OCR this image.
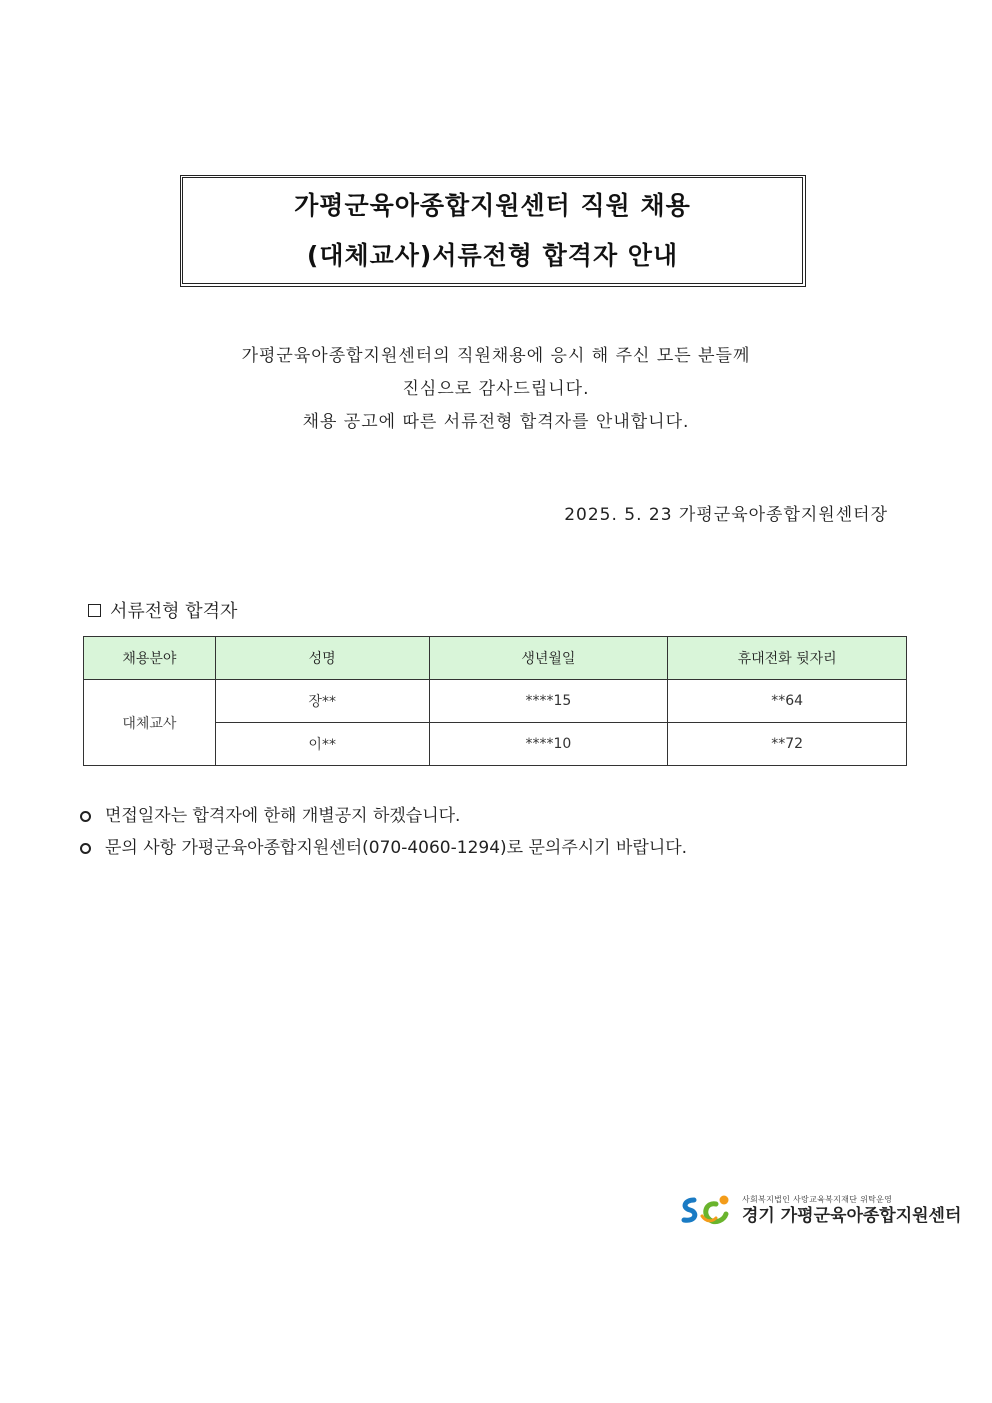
가평군육아종합지원센터 직원 채용
(대체교사)서류전형 합격자 안내
가평군육아종합지원센터의 직원채용에 응시 해 주신 모든 분들께
진심으로 감사드립니다.
채용 공고에 따른 서류전형 합격자를 안내합니다.
2025. 5. 23 가평군육아종합지원센터장
서류전형 합격자
채용분야	성명	생년월일	휴대전화 뒷자리
대체교사	장**	****15	**64
	이**	****10	**72
면접일자는 합격자에 한해 개별공지 하겠습니다.
문의 사항 가평군육아종합지원센터(070-4060-1294)로 문의주시기 바랍니다.
사회복지법인 사랑교육복지재단 위탁운영
경기 가평군육아종합지원센터
